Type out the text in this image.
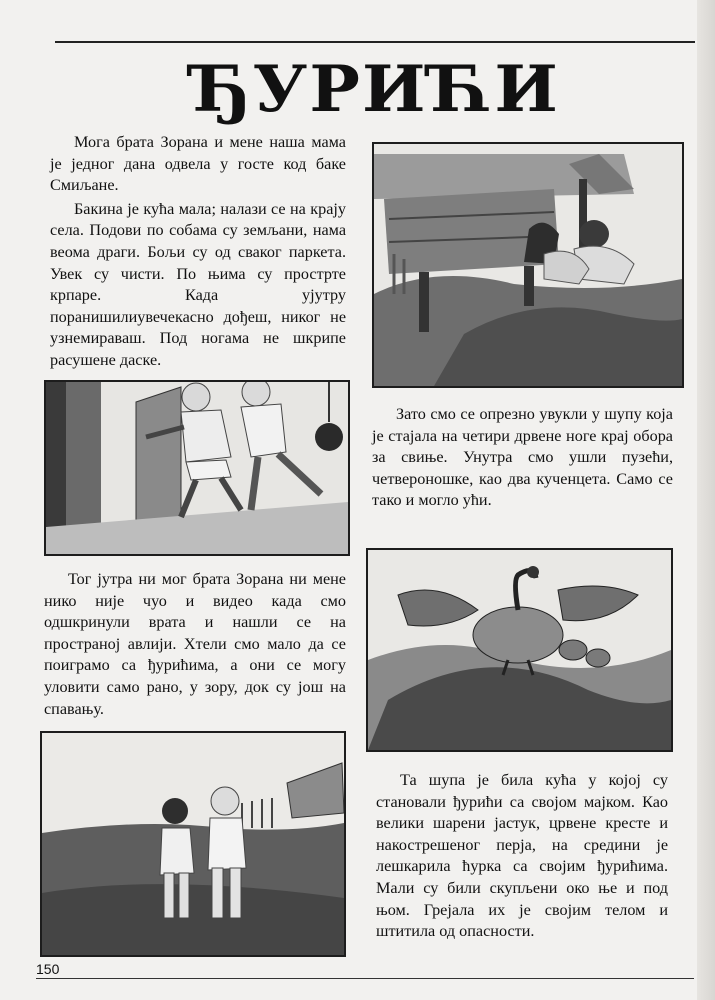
ЂУРИЋИ

Мога брата Зорана и мене наша мама је једног дана одвела у госте код баке Смиљане.

Бакина је кућа мала; налази се на крају села. Подови по собама су земљани, нама веома драги. Бољи су од сваког паркета. Увек су чисти. По њима су простртe крпаре. Када ујутру поранишилиувечекасно дођеш, никог не узнемираваш. Под ногама не шкрипе расушене даске.

Зато смо се опрезно увукли у шупу која је стајала на четири дрвене ноге крај обора за свиње. Унутра смо ушли пузећи, четвероношке, као два кученцета. Само се тако и могло ући.

Тог јутра ни мог брата Зорана ни мене нико није чуо и видео када смо одшкринули врата и нашли се на пространој авлији. Хтели смо мало да се поиграмо са ђурићима, а они се могу уловити само рано, у зору, док су још на спавању.

Та шупа је била кућа у којој су становали ђурићи са својом мајком. Као велики шарени јастук, црвене кресте и накострешеног перја, на средини је лешкарила ћурка са својим ђурићима. Мали су били скупљени око ње и под њом. Грејала их је својим телом и штитила од опасности.

150
